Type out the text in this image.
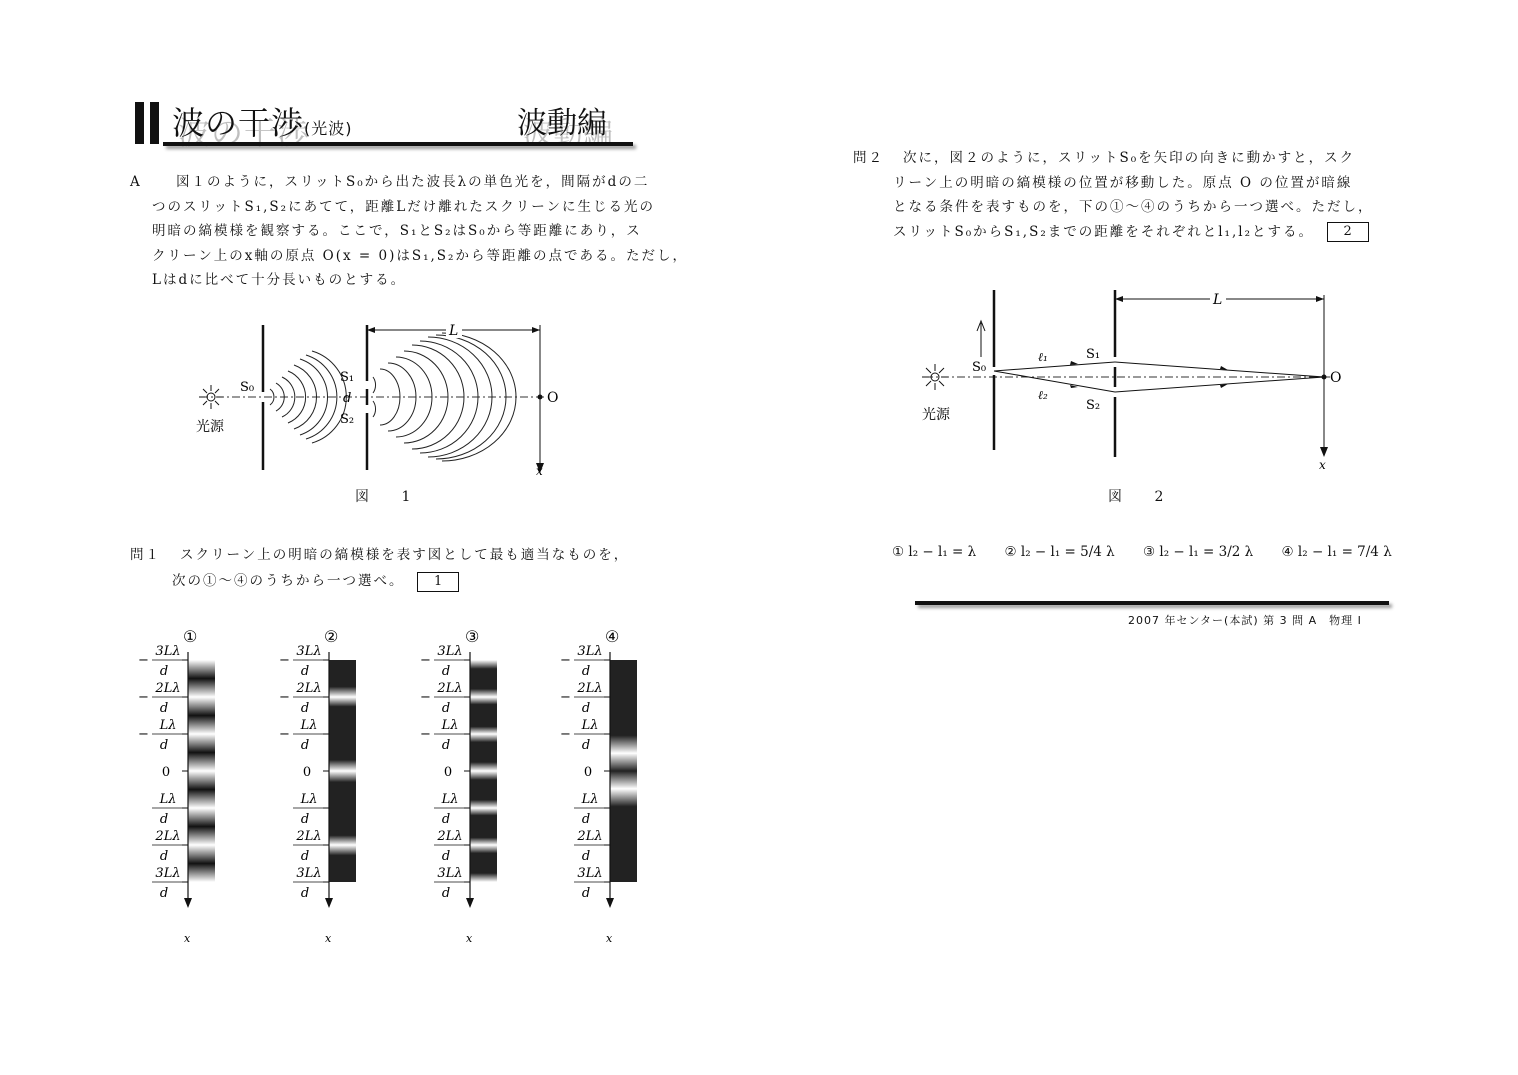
波の干渉(光波)	波動編
A	図１のように，スリットS₀から出た波長λの単色光を，間隔がdの二
つのスリットS₁,S₂にあてて，距離Lだけ離れたスクリーンに生じる光の
明暗の縞模様を観察する。ここで，S₁とS₂はS₀から等距離にあり，ス
クリーン上のx軸の原点 O(x = 0)はS₁,S₂から等距離の点である。ただし，
Lはdに比べて十分長いものとする。
光源
S₀
S₁
d
S₂
O
x
L
図 1
問１ スクリーン上の明暗の縞模様を表す図として最も適当なものを，
次の①～④のうちから一つ選べ。 1
①
x
−
3Lλ
d
−
2Lλ
d
−
Lλ
d
0
Lλ
d
2Lλ
d
3Lλ
d
②
x
−
3Lλ
d
−
2Lλ
d
−
Lλ
d
0
Lλ
d
2Lλ
d
3Lλ
d
③
x
−
3Lλ
d
−
2Lλ
d
−
Lλ
d
0
Lλ
d
2Lλ
d
3Lλ
d
④
x
−
3Lλ
d
−
2Lλ
d
−
Lλ
d
0
Lλ
d
2Lλ
d
3Lλ
d
問２	次に，図２のように，スリットS₀を矢印の向きに動かすと，スク
リーン上の明暗の縞模様の位置が移動した。原点 O の位置が暗線
となる条件を表すものを，下の①～④のうちから一つ選べ。ただし，
スリットS₀からS₁,S₂までの距離をそれぞれとl₁,l₂とする。 2
光源
S₀
S₁
S₂
ℓ₁
ℓ₂
O
x
L
図 2
① l₂ − l₁ = λ ② l₂ − l₁ = 5/4 λ ③ l₂ − l₁ = 3/2 λ ④ l₂ − l₁ = 7/4 λ
2007 年センター(本試) 第 3 問 A　物理 I
